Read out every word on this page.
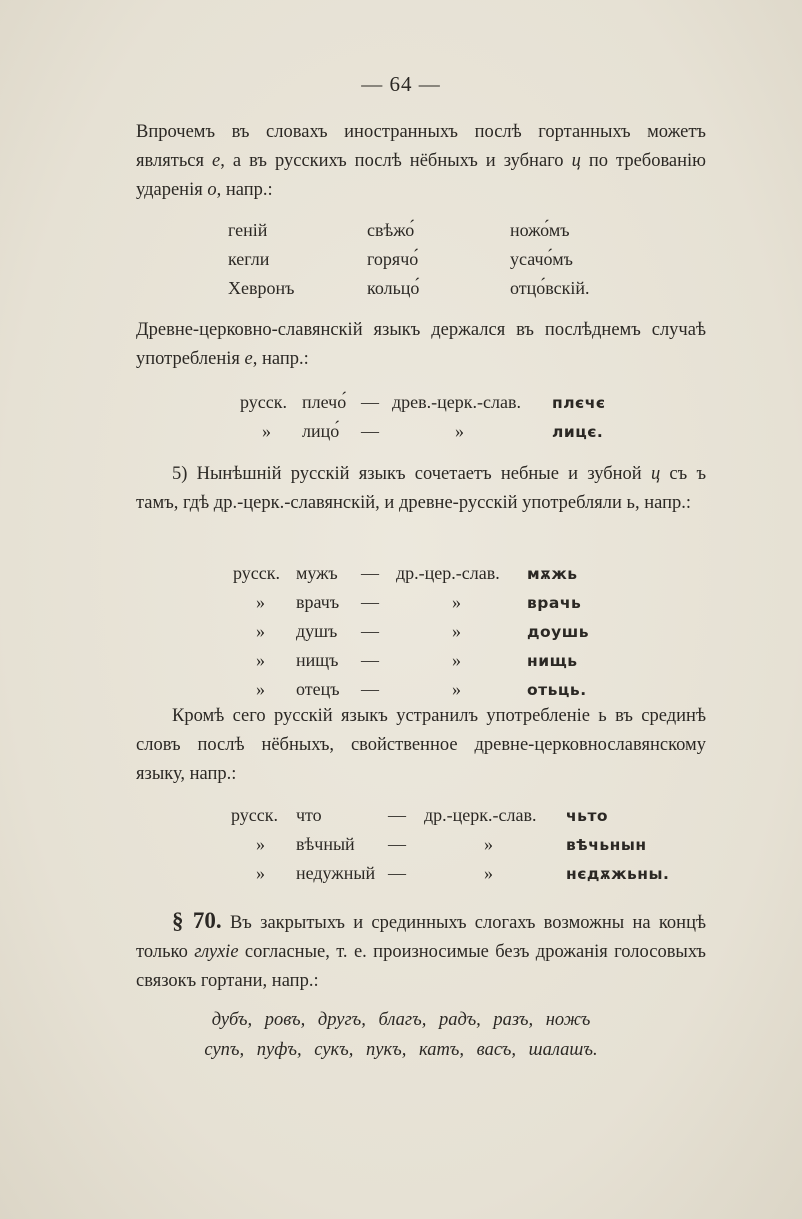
— 64 —
Впрочемъ въ словахъ иностранныхъ послѣ гортанныхъ можетъ являться е, а въ русскихъ послѣ нёбныхъ и зубнаго ц по требованію ударенія о, напр.:
геній	свѣжо́	ножо́мъ
кегли	горячо́	усачо́мъ
Хевронъ	кольцо́	отцо́вскій.
Древне-церковно-славянскій языкъ держался въ послѣднемъ случаѣ употребленія е, напр.:
русск. плечо́ — древ.-церк.-слав. плєчє
» лицо́ —	»	лицє.
5) Нынѣшній русскій языкъ сочетаетъ небные и зубной ц съ ъ тамъ, гдѣ др.-церк.-славянскій, и древне-русскій употребляли ь, напр.:
русск. мужъ — др.-цер.-слав. мѫжь
» врачъ —	»	врачь
» душъ —	»	доушь
» нищъ —	»	нищь
» отецъ —	»	отьць.
Кромѣ сего русскій языкъ устранилъ употребленіе ь въ срединѣ словъ послѣ нёбныхъ, свойственное древне-церковнославянскому языку, напр.:
русск. что	— др.-церк.-слав. чьто
» вѣчный —	»	вѣчьнын
» недужный —	»	нєдѫжьны.
§ 70. Въ закрытыхъ и срединныхъ слогахъ возможны на концѣ только глухіе согласные, т. е. произносимые безъ дрожанія голосовыхъ связокъ гортани, напр.:
дубъ, ровъ, другъ, благъ, радъ, разъ, ножъ
супъ, пуфъ, сукъ, пукъ, катъ, васъ, шалашъ.
